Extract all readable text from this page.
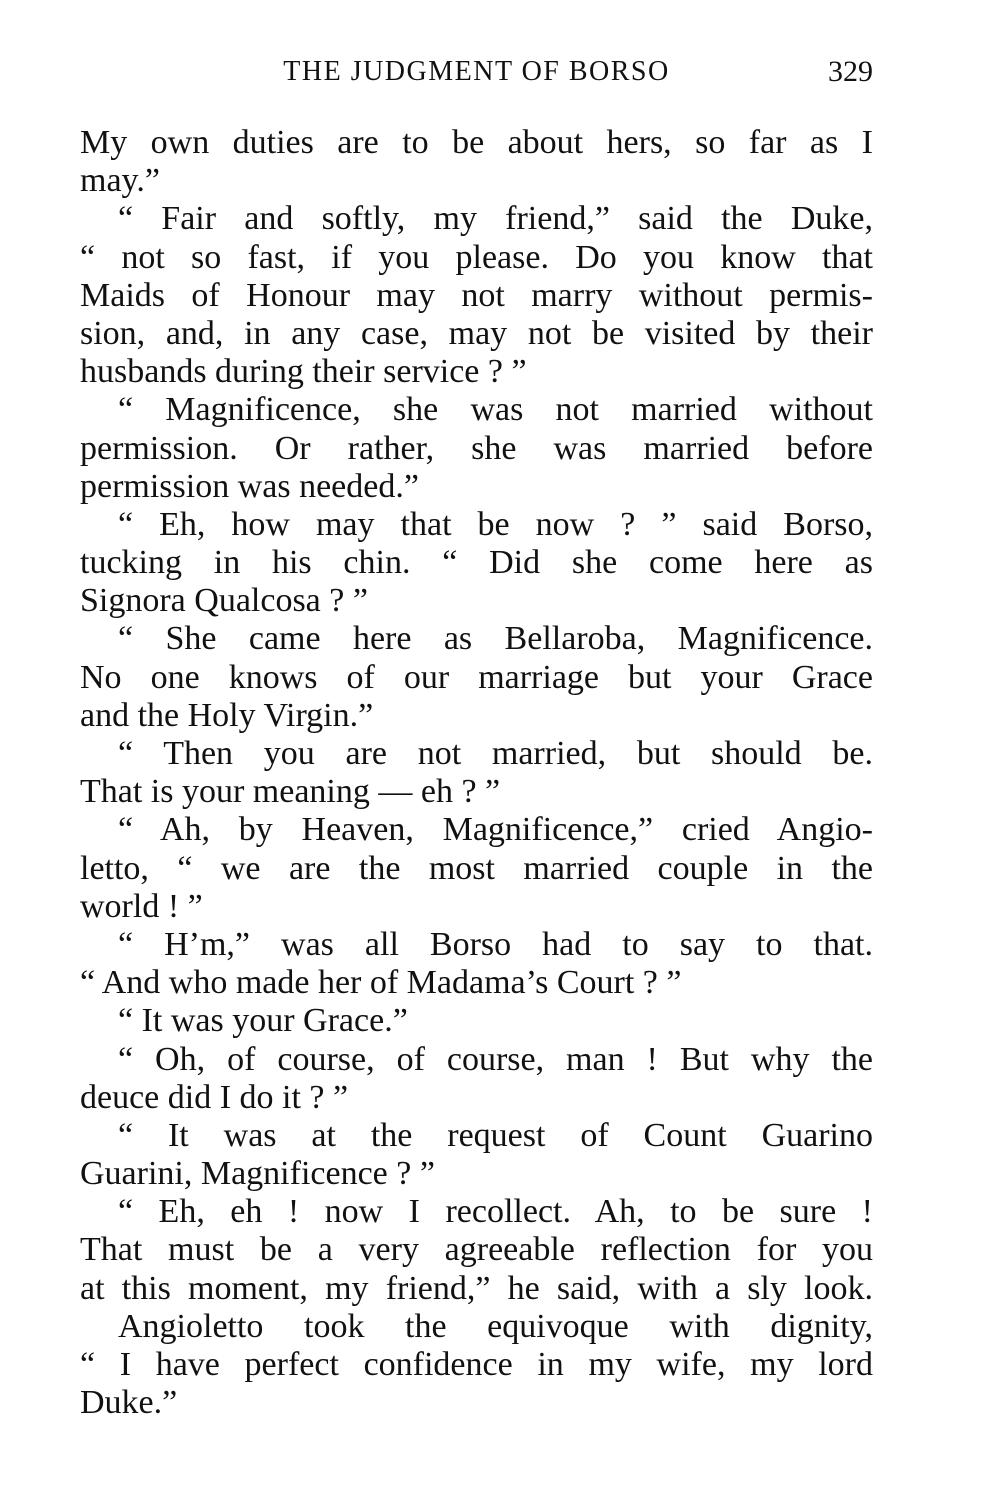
THE JUDGMENT OF BORSO	329
My own duties are to be about hers, so far as I
may.”
“ Fair and softly, my friend,” said the Duke,
“ not so fast, if you please. Do you know that
Maids of Honour may not marry without permis-
sion, and, in any case, may not be visited by their
husbands during their service ? ”
“ Magnificence, she was not married without
permission. Or rather, she was married before
permission was needed.”
“ Eh, how may that be now ? ” said Borso,
tucking in his chin. “ Did she come here as
Signora Qualcosa ? ”
“ She came here as Bellaroba, Magnificence.
No one knows of our marriage but your Grace
and the Holy Virgin.”
“ Then you are not married, but should be.
That is your meaning — eh ? ”
“ Ah, by Heaven, Magnificence,” cried Angio-
letto, “ we are the most married couple in the
world ! ”
“ H’m,” was all Borso had to say to that.
“ And who made her of Madama’s Court ? ”
“ It was your Grace.”
“ Oh, of course, of course, man ! But why the
deuce did I do it ? ”
“ It was at the request of Count Guarino
Guarini, Magnificence ? ”
“ Eh, eh ! now I recollect. Ah, to be sure !
That must be a very agreeable reflection for you
at this moment, my friend,” he said, with a sly look.
Angioletto took the equivoque with dignity,
“ I have perfect confidence in my wife, my lord
Duke.”
